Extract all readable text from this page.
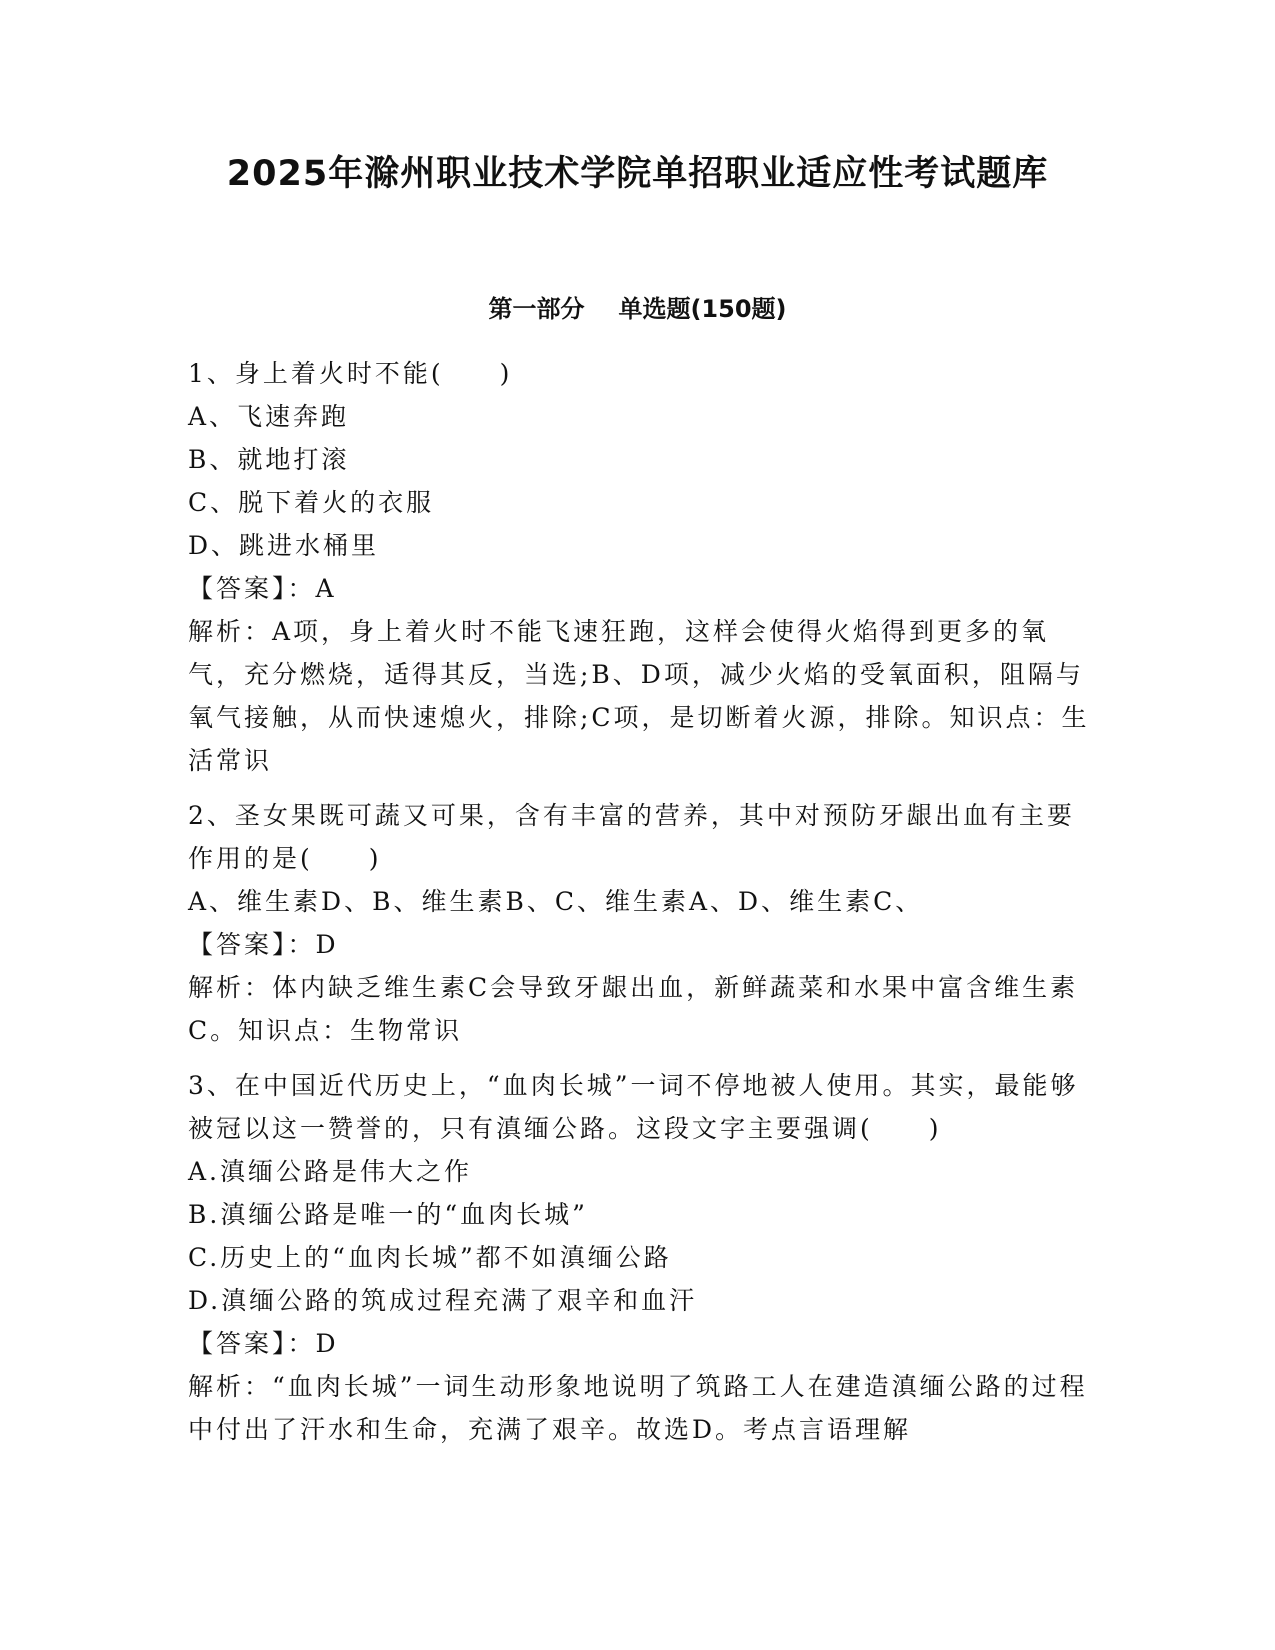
2025年滁州职业技术学院单招职业适应性考试题库
第一部分 单选题(150题)

1、身上着火时不能(　　)

A、飞速奔跑

B、就地打滚

C、脱下着火的衣服

D、跳进水桶里

【答案】：A

解析：A项，身上着火时不能飞速狂跑，这样会使得火焰得到更多的氧气，充分燃烧，适得其反，当选;B、D项，减少火焰的受氧面积，阻隔与氧气接触，从而快速熄火，排除;C项，是切断着火源，排除。知识点：生活常识

2、圣女果既可蔬又可果，含有丰富的营养，其中对预防牙龈出血有主要作用的是(　　)

A、维生素D、B、维生素B、C、维生素A、D、维生素C、

【答案】：D

解析：体内缺乏维生素C会导致牙龈出血，新鲜蔬菜和水果中富含维生素C。知识点：生物常识

3、在中国近代历史上，“血肉长城”一词不停地被人使用。其实，最能够被冠以这一赞誉的，只有滇缅公路。这段文字主要强调(　　)

A.滇缅公路是伟大之作

B.滇缅公路是唯一的“血肉长城”

C.历史上的“血肉长城”都不如滇缅公路

D.滇缅公路的筑成过程充满了艰辛和血汗

【答案】：D

解析：“血肉长城”一词生动形象地说明了筑路工人在建造滇缅公路的过程中付出了汗水和生命，充满了艰辛。故选D。考点言语理解
